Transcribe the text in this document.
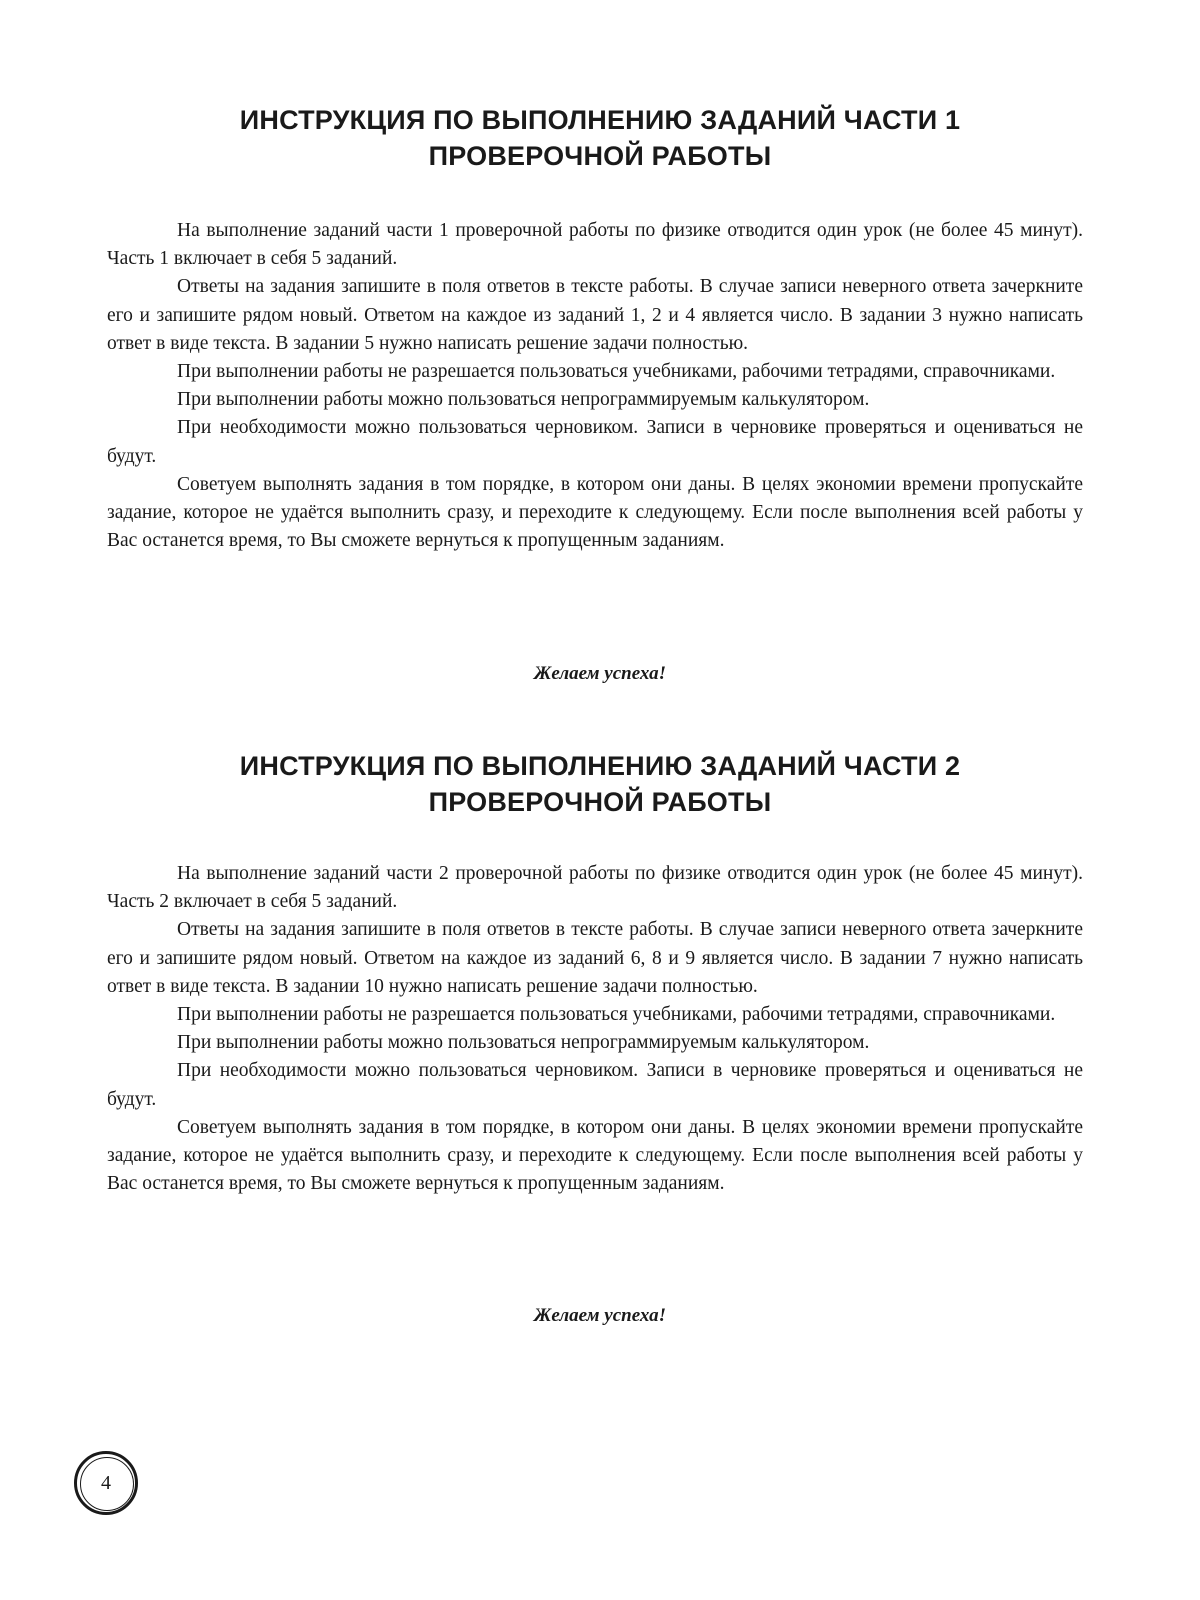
ИНСТРУКЦИЯ ПО ВЫПОЛНЕНИЮ ЗАДАНИЙ ЧАСТИ 1
ПРОВЕРОЧНОЙ РАБОТЫ

На выполнение заданий части 1 проверочной работы по физике отводится один урок (не более 45 минут). Часть 1 включает в себя 5 заданий.

Ответы на задания запишите в поля ответов в тексте работы. В случае записи неверного ответа зачеркните его и запишите рядом новый. Ответом на каждое из заданий 1, 2 и 4 является число. В задании 3 нужно написать ответ в виде текста. В задании 5 нужно написать решение задачи полностью.

При выполнении работы не разрешается пользоваться учебниками, рабочими тетрадями, справочниками.

При выполнении работы можно пользоваться непрограммируемым калькулятором.

При необходимости можно пользоваться черновиком. Записи в черновике проверяться и оцениваться не будут.

Советуем выполнять задания в том порядке, в котором они даны. В целях экономии времени пропускайте задание, которое не удаётся выполнить сразу, и переходите к следующему. Если после выполнения всей работы у Вас останется время, то Вы сможете вернуться к пропущенным заданиям.

Желаем успеха!
ИНСТРУКЦИЯ ПО ВЫПОЛНЕНИЮ ЗАДАНИЙ ЧАСТИ 2
ПРОВЕРОЧНОЙ РАБОТЫ

На выполнение заданий части 2 проверочной работы по физике отводится один урок (не более 45 минут). Часть 2 включает в себя 5 заданий.

Ответы на задания запишите в поля ответов в тексте работы. В случае записи неверного ответа зачеркните его и запишите рядом новый. Ответом на каждое из заданий 6, 8 и 9 является число. В задании 7 нужно написать ответ в виде текста. В задании 10 нужно написать решение задачи полностью.

При выполнении работы не разрешается пользоваться учебниками, рабочими тетрадями, справочниками.

При выполнении работы можно пользоваться непрограммируемым калькулятором.

При необходимости можно пользоваться черновиком. Записи в черновике проверяться и оцениваться не будут.

Советуем выполнять задания в том порядке, в котором они даны. В целях экономии времени пропускайте задание, которое не удаётся выполнить сразу, и переходите к следующему. Если после выполнения всей работы у Вас останется время, то Вы сможете вернуться к пропущенным заданиям.

Желаем успеха!
4
